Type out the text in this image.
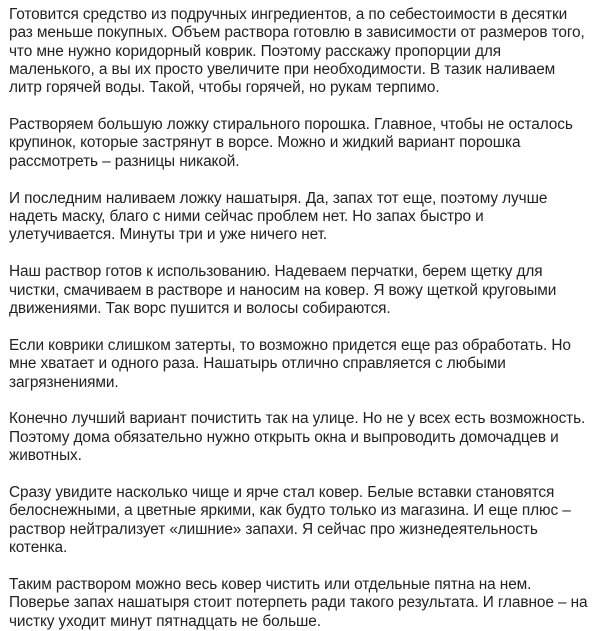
Готовится средство из подручных ингредиентов, а по себестоимости в десятки раз меньше покупных. Объем раствора готовлю в зависимости от размеров того, что мне нужно коридорный коврик. Поэтому расскажу пропорции для маленького, а вы их просто увеличите при необходимости. В тазик наливаем литр горячей воды. Такой, чтобы горячей, но рукам терпимо.

Растворяем большую ложку стирального порошка. Главное, чтобы не осталось крупинок, которые застрянут в ворсе. Можно и жидкий вариант порошка рассмотреть – разницы никакой.

И последним наливаем ложку нашатыря. Да, запах тот еще, поэтому лучше надеть маску, благо с ними сейчас проблем нет. Но запах быстро и улетучивается. Минуты три и уже ничего нет.

Наш раствор готов к использованию. Надеваем перчатки, берем щетку для чистки, смачиваем в растворе и наносим на ковер. Я вожу щеткой круговыми движениями. Так ворс пушится и волосы собираются.

Если коврики слишком затерты, то возможно придется еще раз обработать. Но мне хватает и одного раза. Нашатырь отлично справляется с любыми загрязнениями.

Конечно лучший вариант почистить так на улице. Но не у всех есть возможность. Поэтому дома обязательно нужно открыть окна и выпроводить домочадцев и животных.

Сразу увидите насколько чище и ярче стал ковер. Белые вставки становятся белоснежными, а цветные яркими, как будто только из магазина. И еще плюс – раствор нейтрализует «лишние» запахи. Я сейчас про жизнедеятельность котенка.

Таким раствором можно весь ковер чистить или отдельные пятна на нем. Поверье запах нашатыря стоит потерпеть ради такого результата. И главное – на чистку уходит минут пятнадцать не больше.
